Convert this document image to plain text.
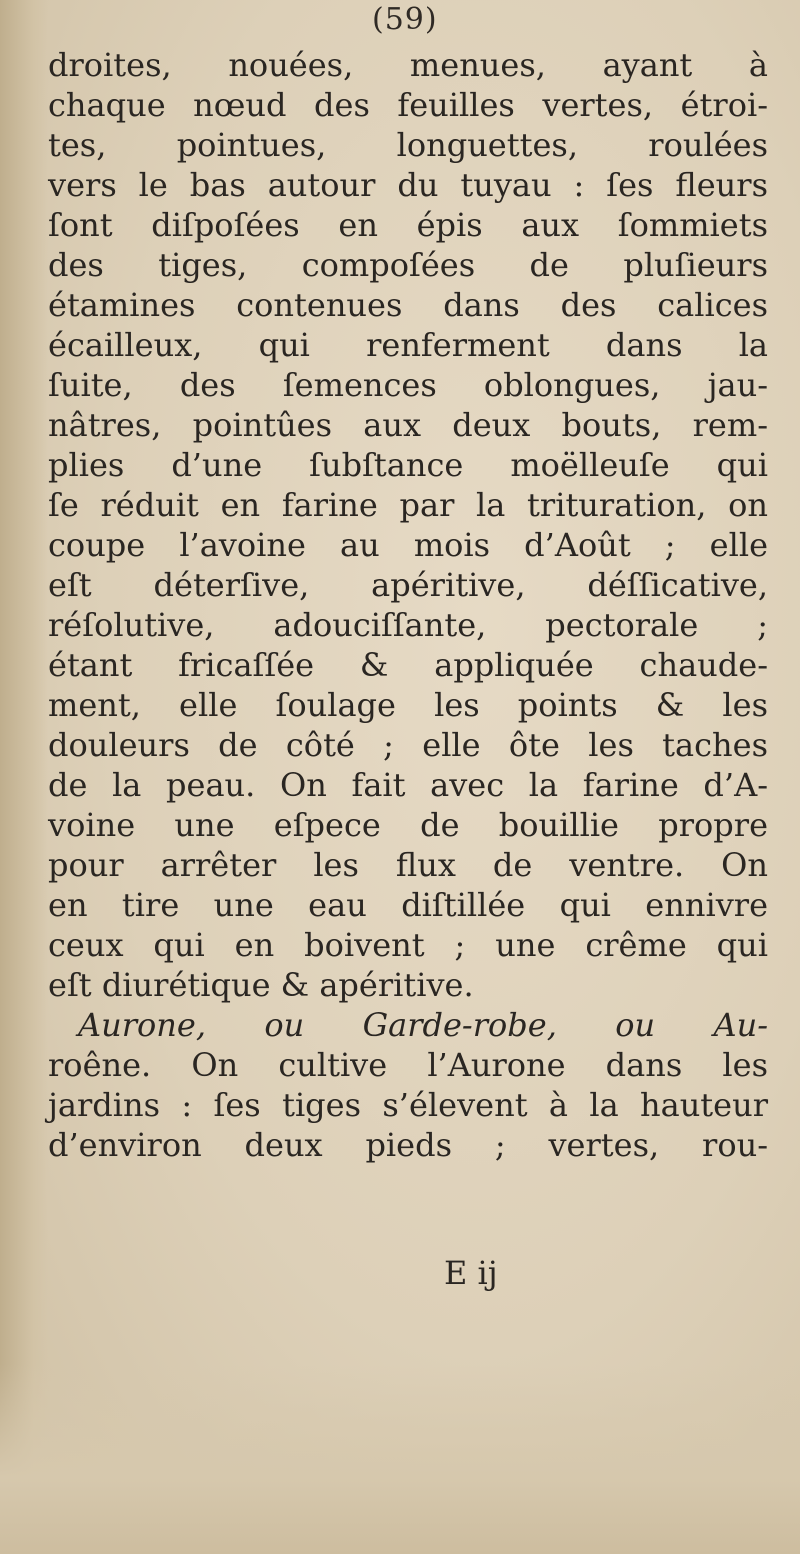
(59)
droites, nouées, menues, ayant à
chaque nœud des feuilles vertes, étroi-
tes, pointues, longuettes, roulées
vers le bas autour du tuyau : ſes fleurs
ſont diſpoſées en épis aux ſommiets
des tiges, compoſées de pluſieurs
étamines contenues dans des calices
écailleux, qui renferment dans la
ſuite, des ſemences oblongues, jau-
nâtres, pointûes aux deux bouts, rem-
plies d’une ſubſtance moëlleuſe qui
ſe réduit en farine par la trituration, on
coupe l’avoine au mois d’Août ; elle
eſt déterſive, apéritive, déſſicative,
réſolutive, adouciſſante, pectorale ;
étant fricaſſée & appliquée chaude-
ment, elle ſoulage les points & les
douleurs de côté ; elle ôte les taches
de la peau. On fait avec la farine d’A-
voine une eſpece de bouillie propre
pour arrêter les flux de ventre. On
en tire une eau diſtillée qui ennivre
ceux qui en boivent ; une crême qui
eſt diurétique & apéritive.
Aurone, ou Garde-robe, ou Au-
roêne. On cultive l’Aurone dans les
jardins : ſes tiges s’élevent à la hauteur
d’environ deux pieds ; vertes, rou-
E ij
